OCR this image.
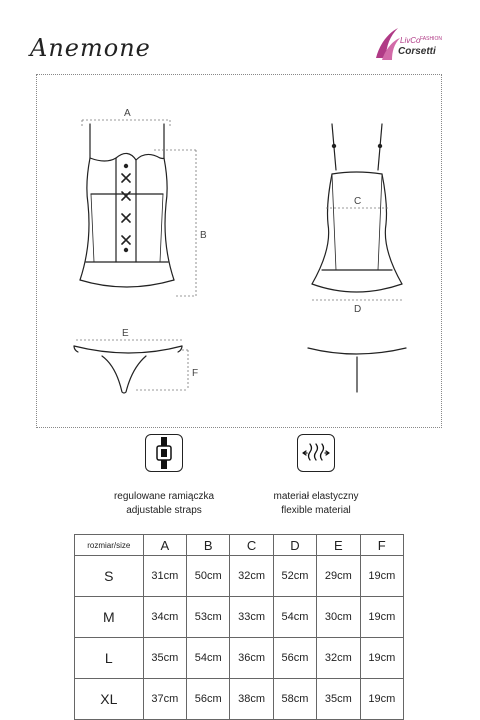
Anemone	LivCo FASHION
Corsetti
A
B
C
D
E
F
regulowane ramiączka
adjustable straps
materiał elastyczny
flexible material
rozmiar/size	A	B	C	D	E	F
S	31cm	50cm	32cm	52cm	29cm	19cm
M	34cm	53cm	33cm	54cm	30cm	19cm
L	35cm	54cm	36cm	56cm	32cm	19cm
XL	37cm	56cm	38cm	58cm	35cm	19cm
